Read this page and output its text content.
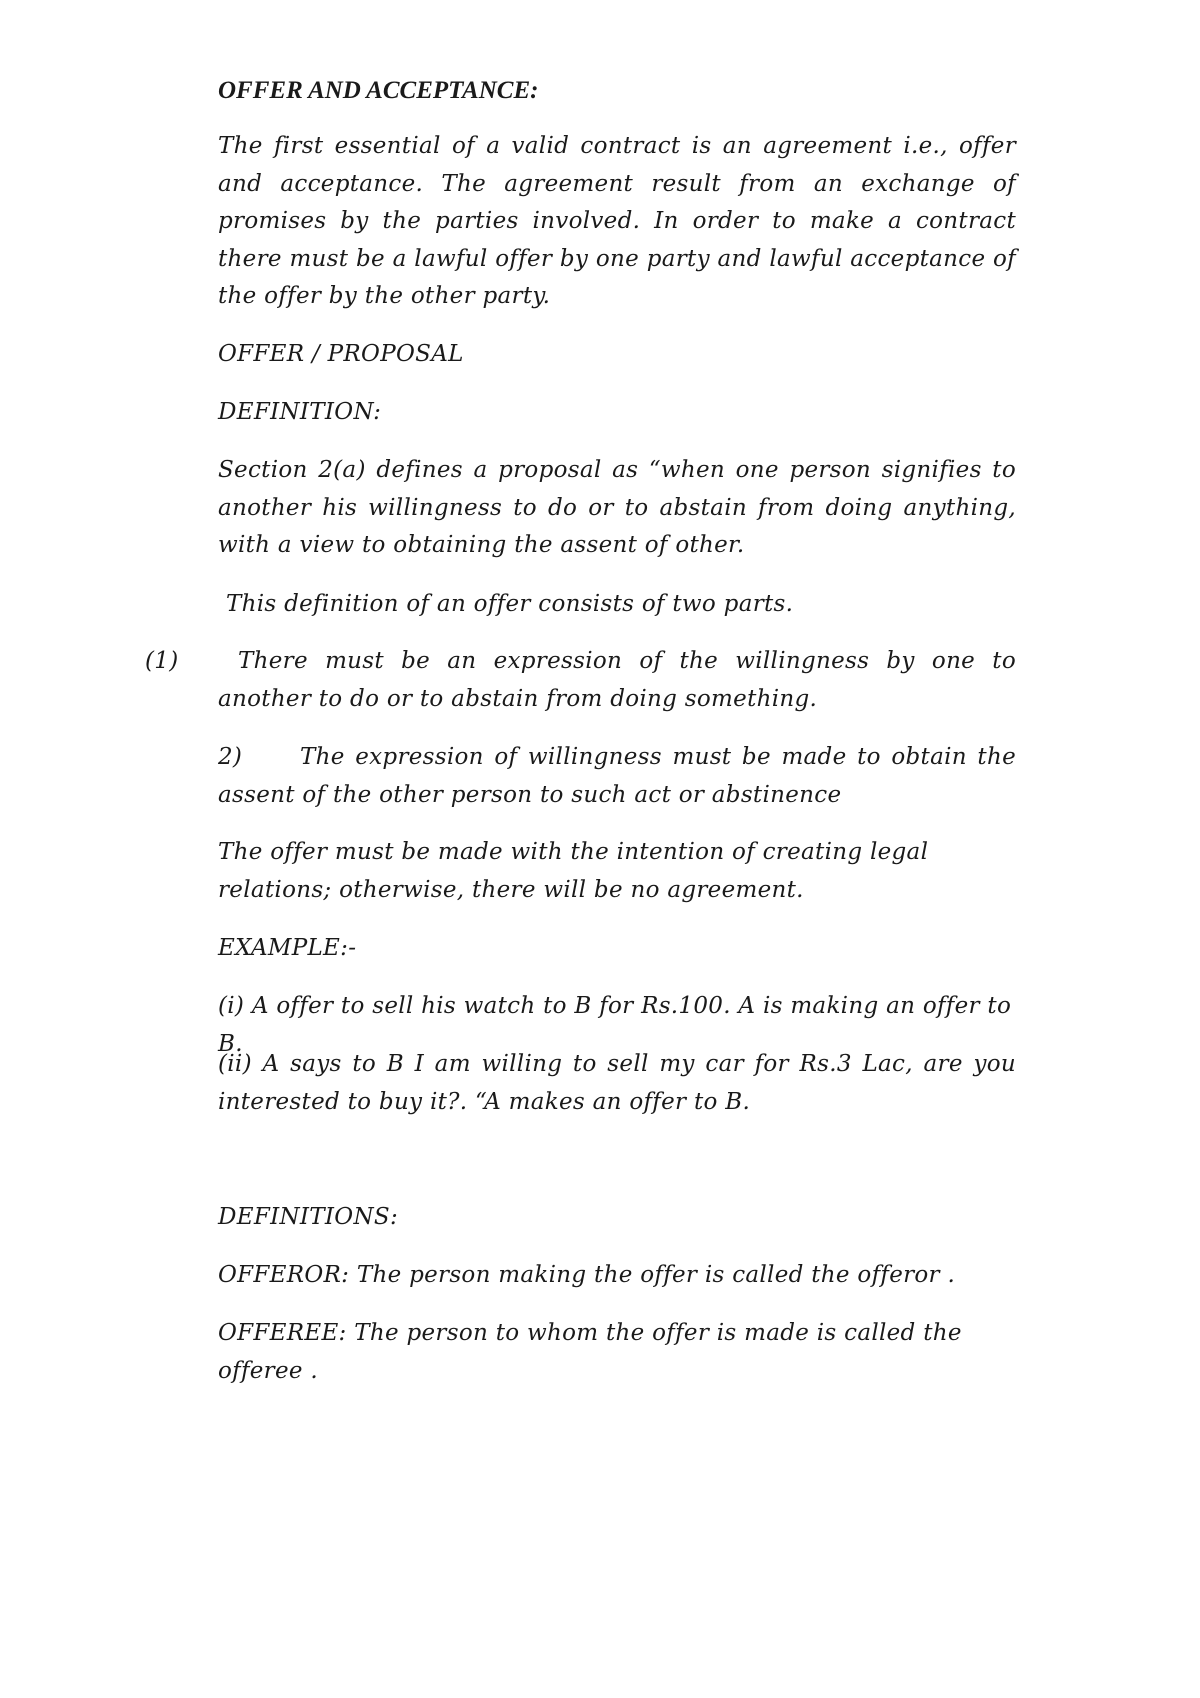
OFFER AND ACCEPTANCE:

The first essential of a valid contract is an agreement i.e., offer and acceptance. The agreement result from an exchange of promises by the parties involved. In order to make a contract there must be a lawful offer by one party and lawful acceptance of the offer by the other party.

OFFER / PROPOSAL
DEFINITION:

Section 2(a) defines a proposal as “when one person signifies to another his willingness to do or to abstain from doing anything, with a view to obtaining the assent of other.

This definition of an offer consists of two parts.
(1)	There must be an expression of the willingness by one to another to do or to abstain from doing something.

2)	The expression of willingness must be made to obtain the assent of the other person to such act or abstinence

The offer must be made with the intention of creating legal relations; otherwise, there will be no agreement.

EXAMPLE:-
(i) A offer to sell his watch to B for Rs.100. A is making an offer to B.

(ii) A says to B I am willing to sell my car for Rs.3 Lac, are you interested to buy it?. “A makes an offer to B.

DEFINITIONS:
OFFEROR: The person making the offer is called the offeror .

OFFEREE: The person to whom the offer is made is called the offeree .
